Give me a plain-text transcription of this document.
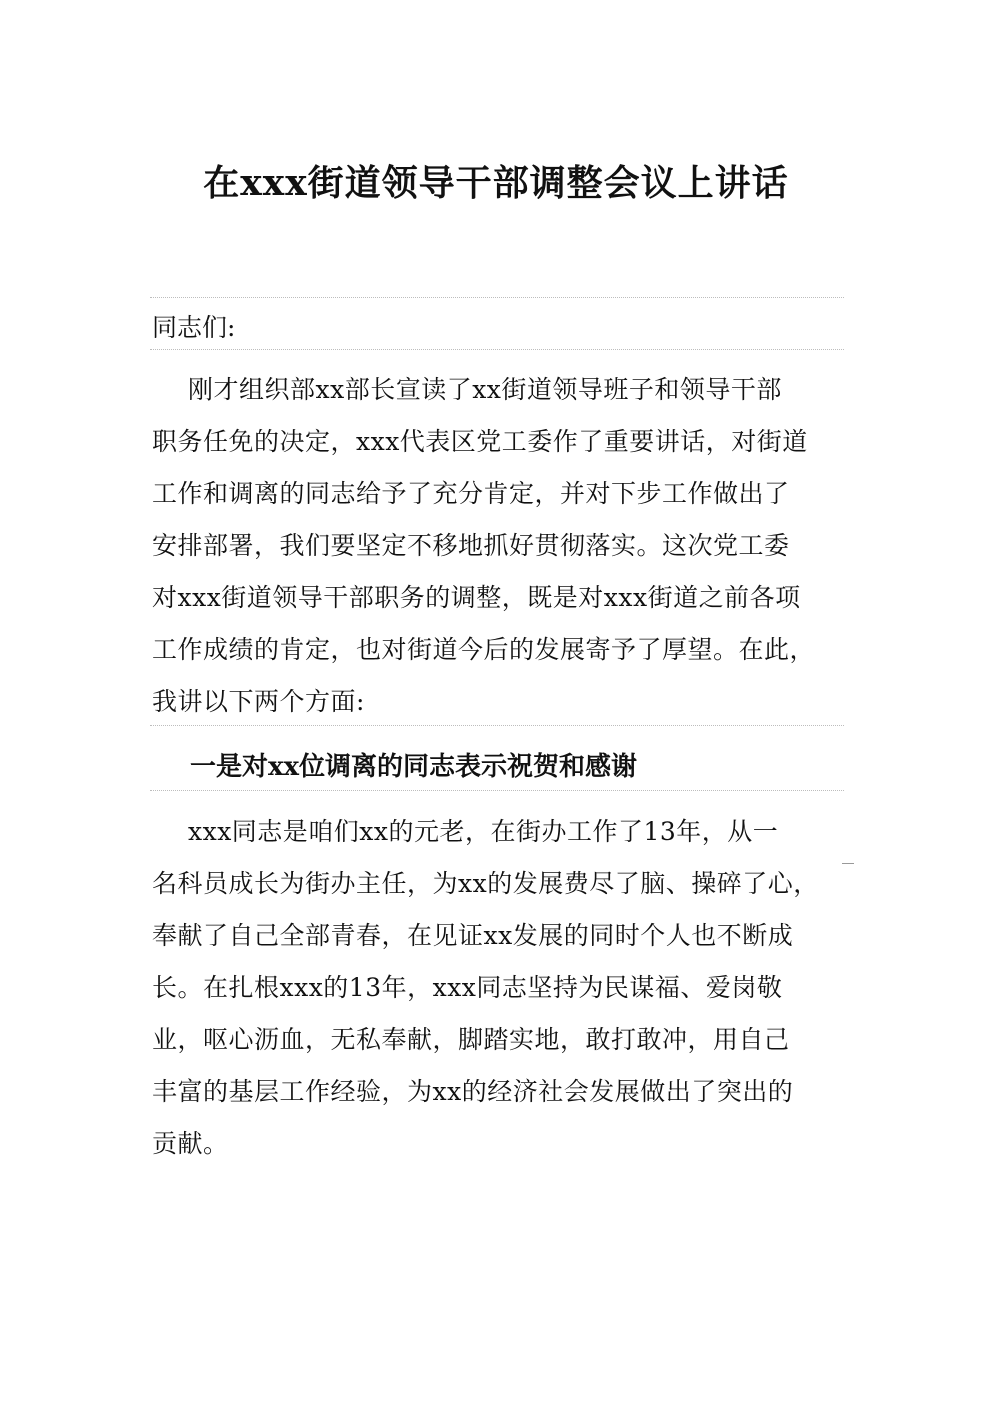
在xxx街道领导干部调整会议上讲话

同志们:

刚才组织部xx部长宣读了xx街道领导班子和领导干部
职务任免的决定，xxx代表区党工委作了重要讲话，对街道
工作和调离的同志给予了充分肯定，并对下步工作做出了
安排部署，我们要坚定不移地抓好贯彻落实。这次党工委
对xxx街道领导干部职务的调整，既是对xxx街道之前各项
工作成绩的肯定，也对街道今后的发展寄予了厚望。在此，
我讲以下两个方面:
一是对xx位调离的同志表示祝贺和感谢
xxx同志是咱们xx的元老，在街办工作了13年，从一
名科员成长为街办主任，为xx的发展费尽了脑、操碎了心，
奉献了自己全部青春，在见证xx发展的同时个人也不断成
长。在扎根xxx的13年，xxx同志坚持为民谋福、爱岗敬
业，呕心沥血，无私奉献，脚踏实地，敢打敢冲，用自己
丰富的基层工作经验，为xx的经济社会发展做出了突出的
贡献。
